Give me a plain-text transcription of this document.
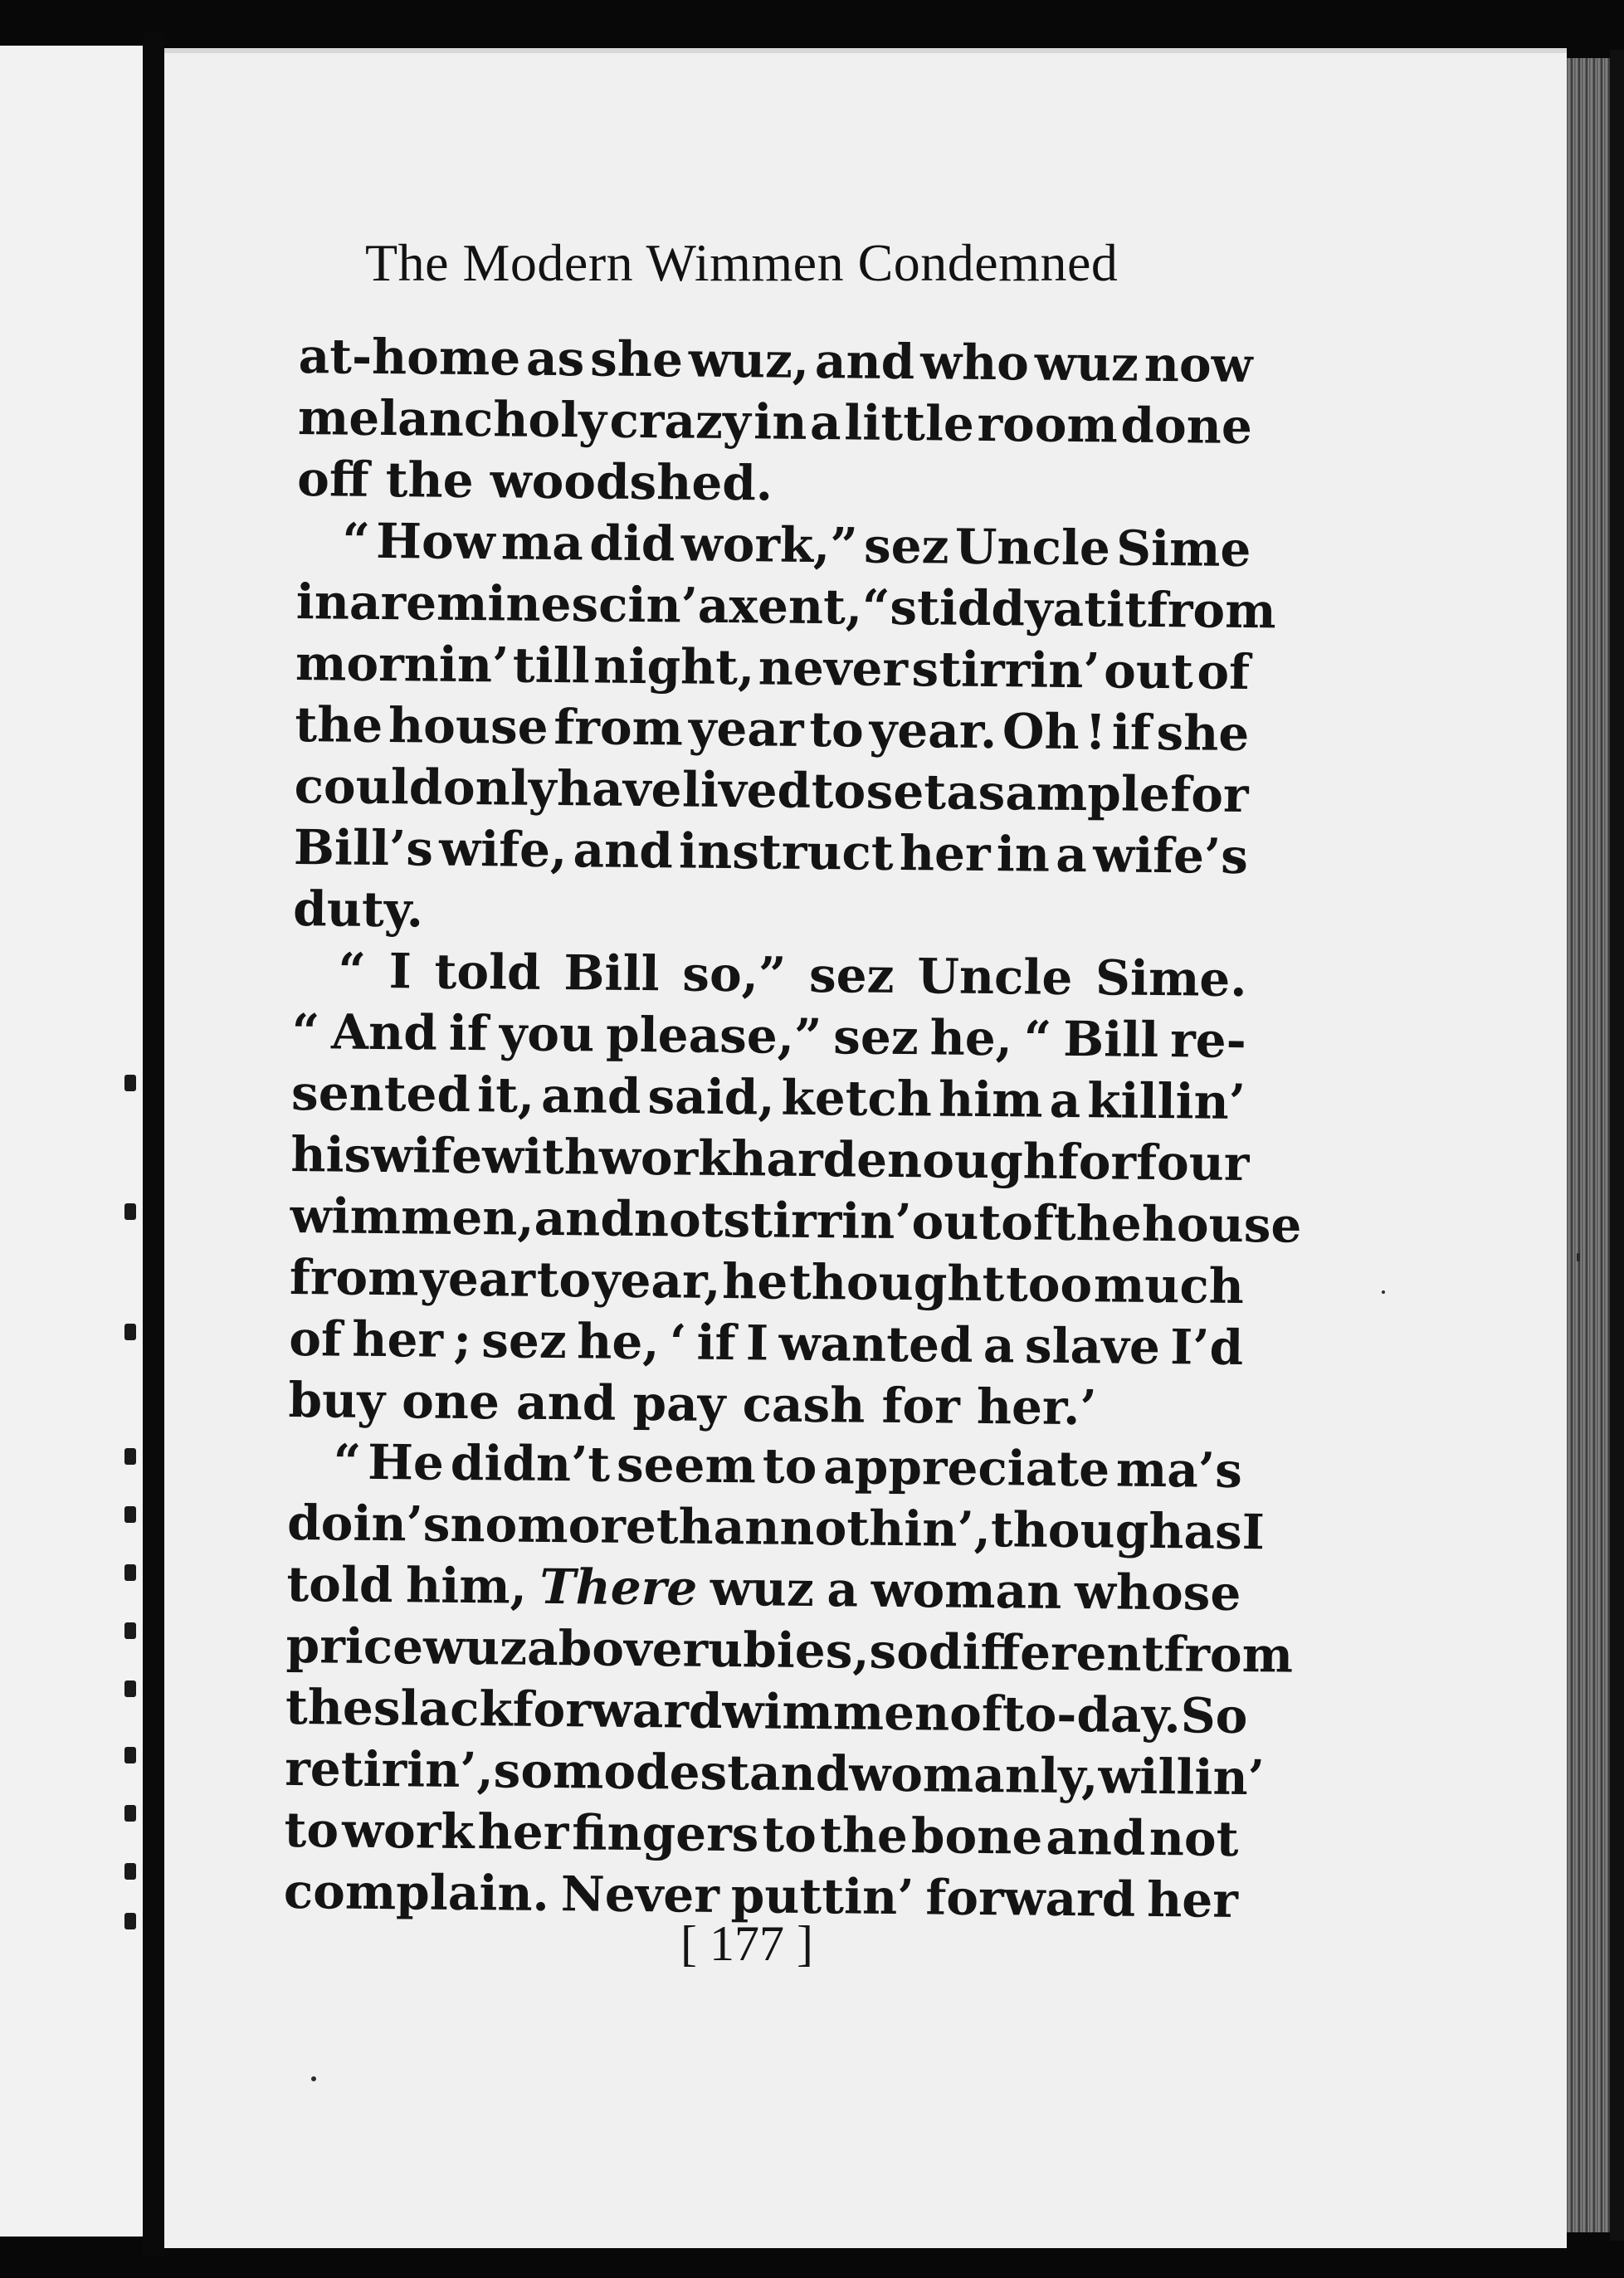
The Modern Wimmen Condemned
at-home as she wuz, and who wuz now
melancholy crazy in a little room done
off the woodshed.
“ How ma did work,” sez Uncle Sime
in a reminescin’ axent, “ stiddy at it from
mornin’ till night, never stirrin’ out of
the house from year to year. Oh ! if she
could only have lived to set a sample for
Bill’s wife, and instruct her in a wife’s
duty.
“ I told Bill so,” sez Uncle Sime.
“ And if you please,” sez he, “ Bill re-
sented it, and said, ketch him a killin’
his wife with work hard enough for four
wimmen, and not stirrin’ out of the house
from year to year, he thought too much
of her ; sez he, ‘ if I wanted a slave I’d
buy one and pay cash for her.’
“ He didn’t seem to appreciate ma’s
doin’s no more than nothin’, though as I
told him, There wuz a woman whose
price wuz above rubies, so different from
the slack forward wimmen of to-day. So
retirin’, so modest and womanly, willin’
to work her fingers to the bone and not
complain. Never puttin’ forward her
[ 177 ]
